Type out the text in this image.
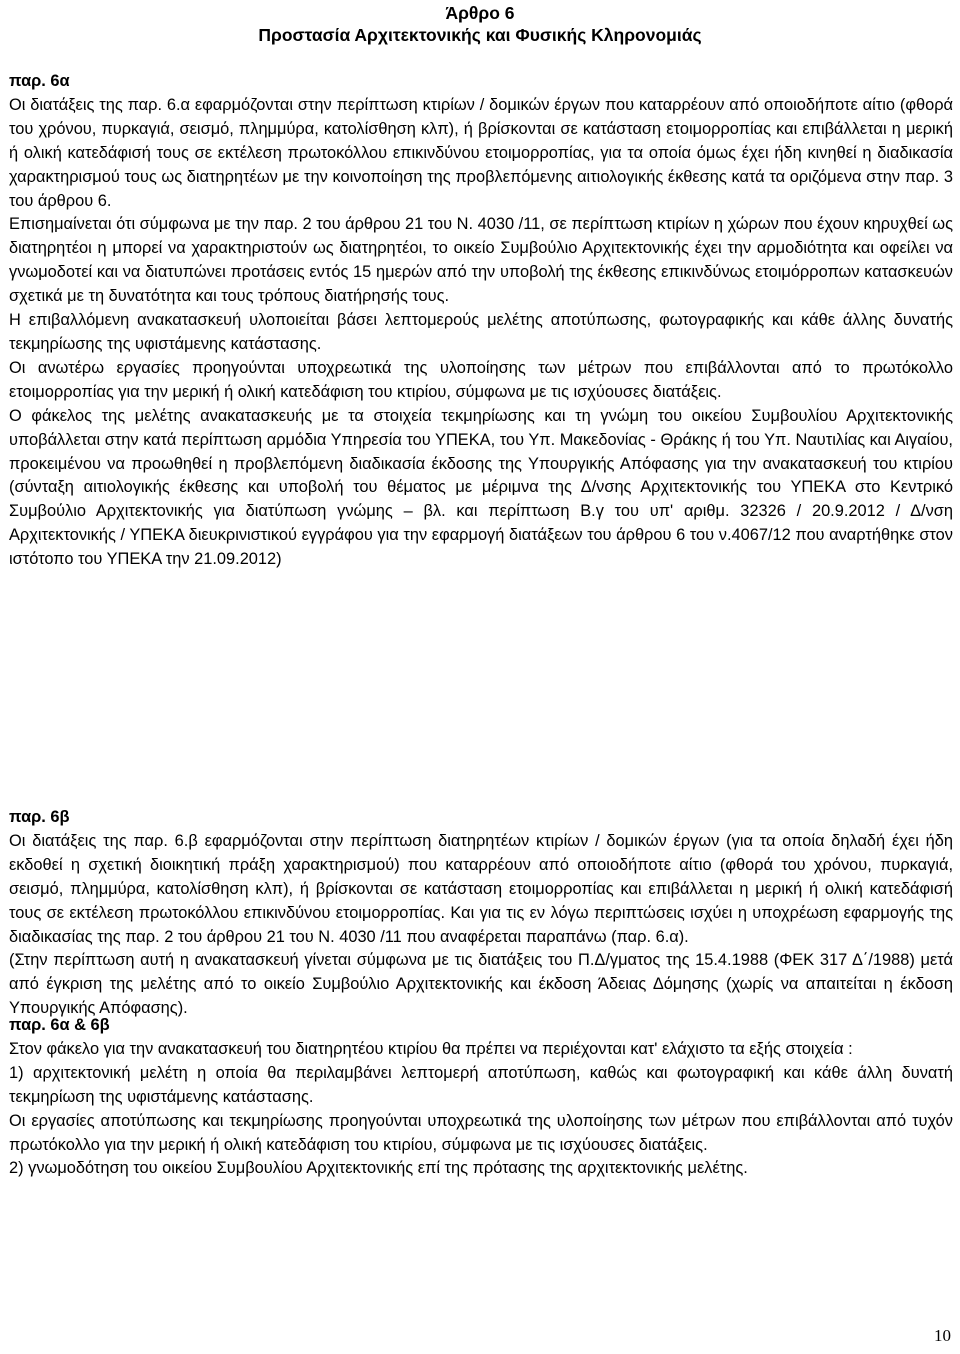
Άρθρο 6
Προστασία Αρχιτεκτονικής και Φυσικής Κληρονομιάς

παρ. 6α

Οι διατάξεις της παρ. 6.α εφαρμόζονται στην περίπτωση κτιρίων / δομικών έργων που καταρρέουν από οποιοδήποτε αίτιο (φθορά του χρόνου, πυρκαγιά, σεισμό, πλημμύρα, κατολίσθηση κλπ), ή βρίσκονται σε κατάσταση ετοιμορροπίας και επιβάλλεται η μερική ή ολική κατεδάφισή τους σε εκτέλεση πρωτοκόλλου επικινδύνου ετοιμορροπίας, για τα οποία όμως έχει ήδη κινηθεί η διαδικασία χαρακτηρισμού τους ως διατηρητέων με την κοινοποίηση της προβλεπόμενης αιτιολογικής έκθεσης κατά τα οριζόμενα στην παρ. 3 του άρθρου 6.

Επισημαίνεται ότι σύμφωνα με την παρ. 2 του άρθρου 21 του Ν. 4030 /11, σε περίπτωση κτιρίων η χώρων που έχουν κηρυχθεί ως διατηρητέοι η μπορεί να χαρακτηριστούν ως διατηρητέοι, το οικείο Συμβούλιο Αρχιτεκτονικής έχει την αρμοδιότητα και οφείλει να γνωμοδοτεί και να διατυπώνει προτάσεις εντός 15 ημερών από την υποβολή της έκθεσης επικινδύνως ετοιμόρροπων κατασκευών σχετικά με τη δυνατότητα και τους τρόπους διατήρησής τους.

Η επιβαλλόμενη ανακατασκευή υλοποιείται βάσει λεπτομερούς μελέτης αποτύπωσης, φωτογραφικής και κάθε άλλης δυνατής τεκμηρίωσης της υφιστάμενης κατάστασης.

Οι ανωτέρω εργασίες προηγούνται υποχρεωτικά της υλοποίησης των μέτρων που επιβάλλονται από το πρωτόκολλο ετοιμορροπίας για την μερική ή ολική κατεδάφιση του κτιρίου, σύμφωνα με τις ισχύουσες διατάξεις.

Ο φάκελος της μελέτης ανακατασκευής με τα στοιχεία τεκμηρίωσης και τη γνώμη του οικείου Συμβουλίου Αρχιτεκτονικής υποβάλλεται στην κατά περίπτωση αρμόδια Υπηρεσία του ΥΠΕΚΑ, του Υπ. Μακεδονίας - Θράκης ή του Υπ. Ναυτιλίας και Αιγαίου, προκειμένου να προωθηθεί η προβλεπόμενη διαδικασία έκδοσης της Υπουργικής Απόφασης για την ανακατασκευή του κτιρίου (σύνταξη αιτιολογικής έκθεσης και υποβολή του θέματος με μέριμνα της Δ/νσης Αρχιτεκτονικής του ΥΠΕΚΑ στο Κεντρικό Συμβούλιο Αρχιτεκτονικής για διατύπωση γνώμης – βλ. και περίπτωση Β.γ του υπ' αριθμ. 32326 / 20.9.2012 / Δ/νση Αρχιτεκτονικής / ΥΠΕΚΑ διευκρινιστικού εγγράφου για την εφαρμογή διατάξεων του άρθρου 6 του ν.4067/12 που αναρτήθηκε στον ιστότοπο του ΥΠΕΚΑ την 21.09.2012)

παρ. 6β

Οι διατάξεις της παρ. 6.β εφαρμόζονται στην περίπτωση διατηρητέων κτιρίων / δομικών έργων (για τα οποία δηλαδή έχει ήδη εκδοθεί η σχετική διοικητική πράξη χαρακτηρισμού) που καταρρέουν από οποιοδήποτε αίτιο (φθορά του χρόνου, πυρκαγιά, σεισμό, πλημμύρα, κατολίσθηση κλπ), ή βρίσκονται σε κατάσταση ετοιμορροπίας και επιβάλλεται η μερική ή ολική κατεδάφισή τους σε εκτέλεση πρωτοκόλλου επικινδύνου ετοιμορροπίας. Και για τις εν λόγω περιπτώσεις ισχύει η υποχρέωση εφαρμογής της διαδικασίας της παρ. 2 του άρθρου 21 του Ν. 4030 /11 που αναφέρεται παραπάνω (παρ. 6.α).

(Στην περίπτωση αυτή η ανακατασκευή γίνεται σύμφωνα με τις διατάξεις του Π.Δ/γματος της 15.4.1988 (ΦΕΚ 317 Δ΄/1988) μετά από έγκριση της μελέτης από το οικείο Συμβούλιο Αρχιτεκτονικής και έκδοση Άδειας Δόμησης (χωρίς να απαιτείται η έκδοση Υπουργικής Απόφασης).

παρ. 6α & 6β

Στον φάκελο για την ανακατασκευή του διατηρητέου κτιρίου θα πρέπει να περιέχονται κατ' ελάχιστο τα εξής στοιχεία :

1) αρχιτεκτονική μελέτη η οποία θα περιλαμβάνει λεπτομερή αποτύπωση, καθώς και φωτογραφική και κάθε άλλη δυνατή τεκμηρίωση της υφιστάμενης κατάστασης.

Οι εργασίες αποτύπωσης και τεκμηρίωσης προηγούνται υποχρεωτικά της υλοποίησης των μέτρων που επιβάλλονται από τυχόν πρωτόκολλο για την μερική ή ολική κατεδάφιση του κτιρίου, σύμφωνα με τις ισχύουσες διατάξεις.

2) γνωμοδότηση του οικείου Συμβουλίου Αρχιτεκτονικής επί της πρότασης της αρχιτεκτονικής μελέτης.

10
